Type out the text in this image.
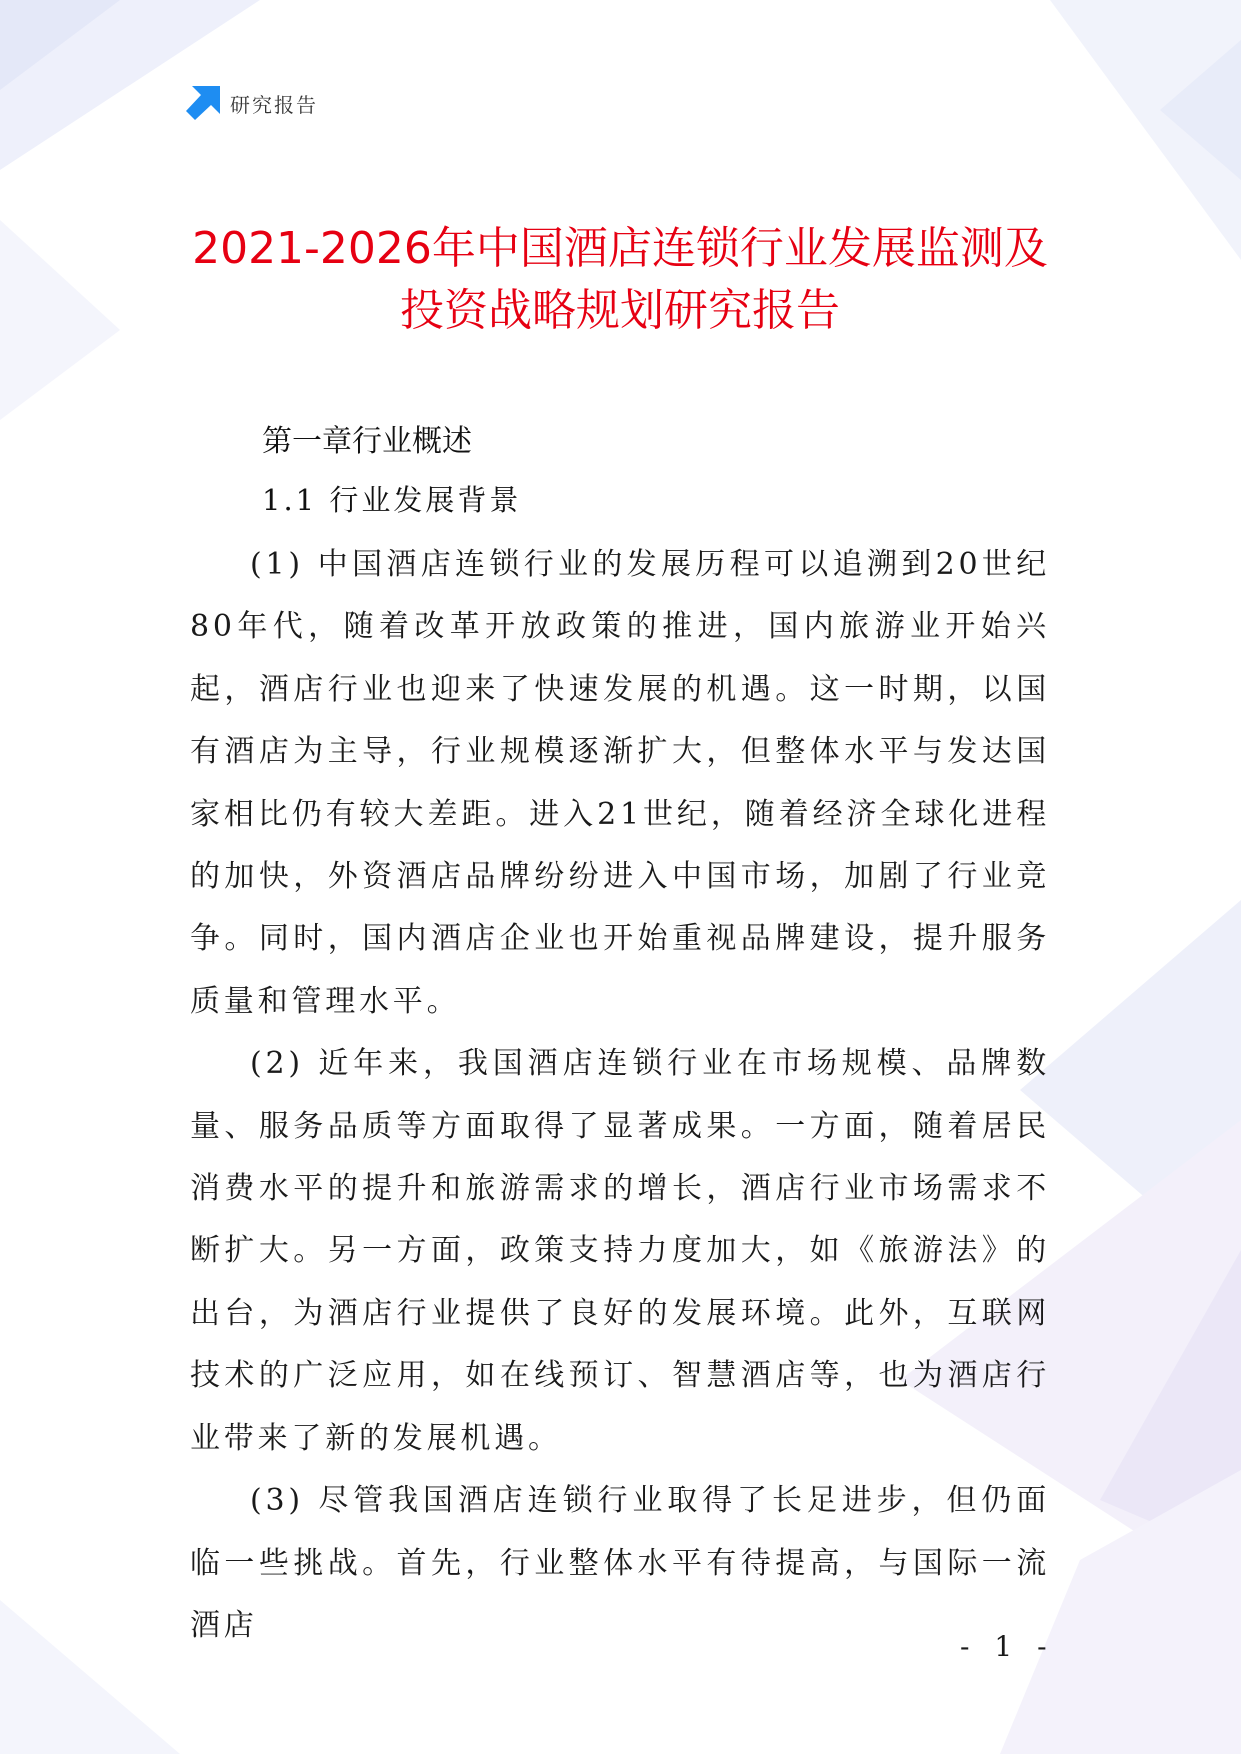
研究报告
2021-2026年中国酒店连锁行业发展监测及
投资战略规划研究报告
第一章行业概述
1.1 行业发展背景

(1) 中国酒店连锁行业的发展历程可以追溯到20世纪80年代，随着改革开放政策的推进，国内旅游业开始兴起，酒店行业也迎来了快速发展的机遇。这一时期，以国有酒店为主导，行业规模逐渐扩大，但整体水平与发达国家相比仍有较大差距。进入21世纪，随着经济全球化进程的加快，外资酒店品牌纷纷进入中国市场，加剧了行业竞争。同时，国内酒店企业也开始重视品牌建设，提升服务质量和管理水平。

(2) 近年来，我国酒店连锁行业在市场规模、品牌数量、服务品质等方面取得了显著成果。一方面，随着居民消费水平的提升和旅游需求的增长，酒店行业市场需求不断扩大。另一方面，政策支持力度加大，如《旅游法》的出台，为酒店行业提供了良好的发展环境。此外，互联网技术的广泛应用，如在线预订、智慧酒店等，也为酒店行业带来了新的发展机遇。

(3) 尽管我国酒店连锁行业取得了长足进步，但仍面临一些挑战。首先，行业整体水平有待提高，与国际一流酒店

- 1 -
